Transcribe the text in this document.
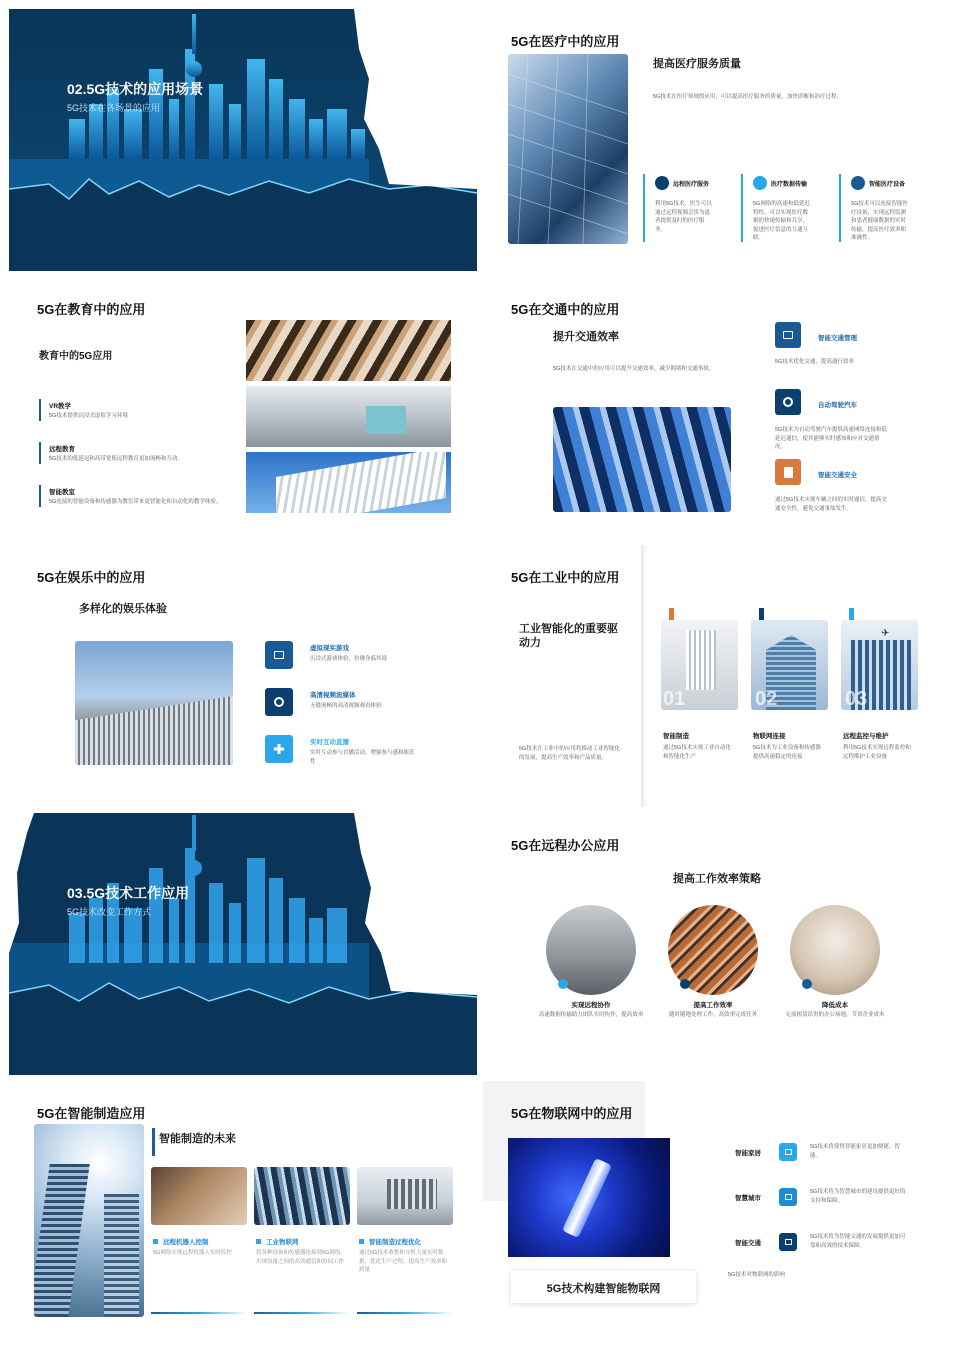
02.5G技术的应用场景
5G技术在各场景的应用
5G在医疗中的应用
提高医疗服务质量
5G技术在医疗领域的应用，可以提高医疗服务的质量，加快诊断和治疗过程。
远程医疗服务
利用5G技术，医生可以通过远程视频会诊为患者提供及时的医疗服务。
医疗数据传输
5G网络的高速和低延迟特性，可以实现医疗数据的快速传输和共享，促进医疗信息的互通互联。
智能医疗设备
5G技术可以连接智能医疗设备，实现远程监测和患者健康数据的实时传输，提高医疗效率和准确性。
5G在教育中的应用
教育中的5G应用
VR教学
5G技术提供沉浸式虚拟学习环境
远程教育
5G技术的低延迟和高带宽使远程教育更加流畅和互动。
智能教室
5G连接的智能设备和传感器为教室带来更智能化和自动化的教学体验。
5G在交通中的应用
提升交通效率
5G技术在交通中的应用可以提升交通效率，减少拥堵和交通事故。
智能交通管理
5G技术优化交通，提高通行效率
自动驾驶汽车
5G技术为自动驾驶汽车提供高速网络连接和低延迟通信，使其能够实时感知和应对交通情况。
智能交通安全
通过5G技术实现车辆之间的实时通信，提高交通安全性，避免交通事故发生。
5G在娱乐中的应用
多样化的娱乐体验
虚拟现实游戏
沉浸式游戏体验，仿佛身临其境
高清视频流媒体
无缝流畅的高清视频观看体验
实时互动直播
实时互动参与直播活动，增强参与感和娱乐性
5G在工业中的应用
工业智能化的重要驱动力
5G技术在工业中的应用将推动工业智能化的发展，提高生产效率和产品质量。
01
智能制造
通过5G技术实现工业自动化和智能化生产
02
物联网连接
5G技术为工业设备和传感器提供高速稳定的连接
✈
03
远程监控与维护
利用5G技术实现远程监控和远程维护工业设备
03.5G技术工作应用
5G技术改变工作方式
5G在远程办公应用
提高工作效率策略
实现远程协作
高速数据传输助力团队实时协作，提高效率
提高工作效率
随时随地处理工作，高效率完成任务
降低成本
无需租赁昂贵的办公场地，节省企业成本
5G在智能制造应用
智能制造的未来
远程机器人控制
5G网络实现远程机器人实时监控
工业物联网
将各种设备和传感器连接到5G网络，实现设备之间的高效通信和协同工作
智能制造过程优化
通过5G技术收集和分析大量实时数据，优化生产过程，提高生产效率和质量
5G在物联网中的应用
5G技术构建智能物联网
5G技术对物联网的影响
智能家居
5G技术将使得智能家居更加便捷、智能。
智慧城市
5G技术将为智慧城市的建设提供更好的支持和保障。
智能交通
5G技术将为智能交通的发展提供更加可靠和高效的技术保障。
